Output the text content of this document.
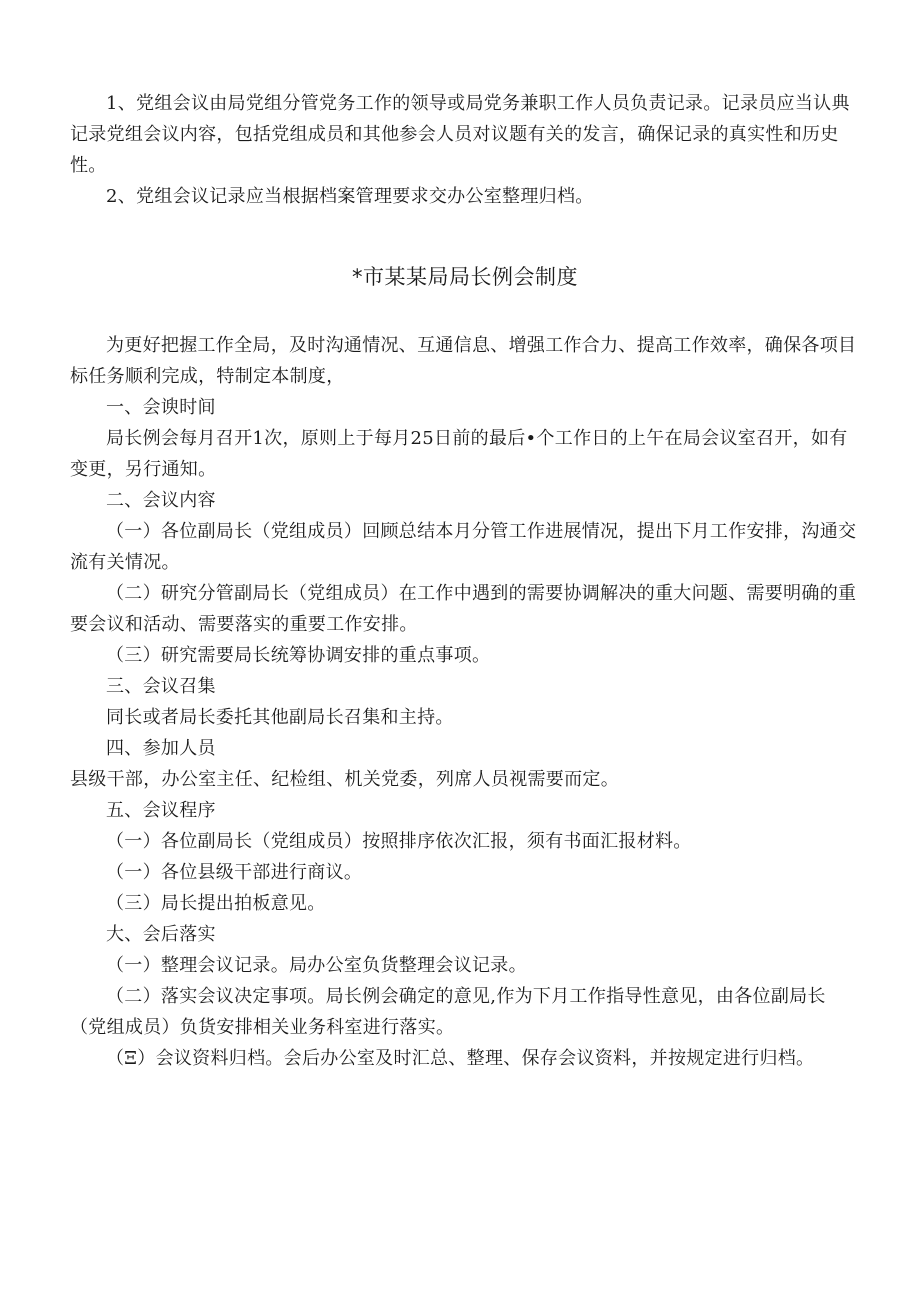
1、党组会议由局党组分管党务工作的领导或局党务兼职工作人员负责记录。记录员应当认典记录党组会议内容，包括党组成员和其他参会人员对议题有关的发言，确保记录的真实性和历史性。

2、党组会议记录应当根据档案管理要求交办公室整理归档。

*市某某局局长例会制度

为更好把握工作全局，及时沟通情况、互通信息、增强工作合力、提高工作效率，确保各项目标任务顺利完成，特制定本制度，

一、会谀时间

局长例会每月召开1次，原则上于每月25日前的最后•个工作日的上午在局会议室召开，如有变更，另行通知。

二、会议内容

（一）各位副局长（党组成员）回顾总结本月分管工作进展情况，提出下月工作安排，沟通交流有关情况。

（二）研究分管副局长（党组成员）在工作中遇到的需要协调解决的重大问题、需要明确的重要会议和活动、需要落实的重要工作安排。

（三）研究需要局长统筹协调安排的重点事项。

三、会议召集

同长或者局长委托其他副局长召集和主持。

四、参加人员

县级干部，办公室主任、纪检组、机关党委，列席人员视需要而定。

五、会议程序

（一）各位副局长（党组成员）按照排序依次汇报，须有书面汇报材料。

（一）各位县级干部进行商议。

（三）局长提出拍板意见。

大、会后落实

（一）整理会议记录。局办公室负货整理会议记录。

（二）落实会议决定事项。局长例会确定的意见,作为下月工作指导性意见，由各位副局长（党组成员）负货安排相关业务科室进行落实。

（Ξ）会议资料归档。会后办公室及时汇总、整理、保存会议资料，并按规定进行归档。
